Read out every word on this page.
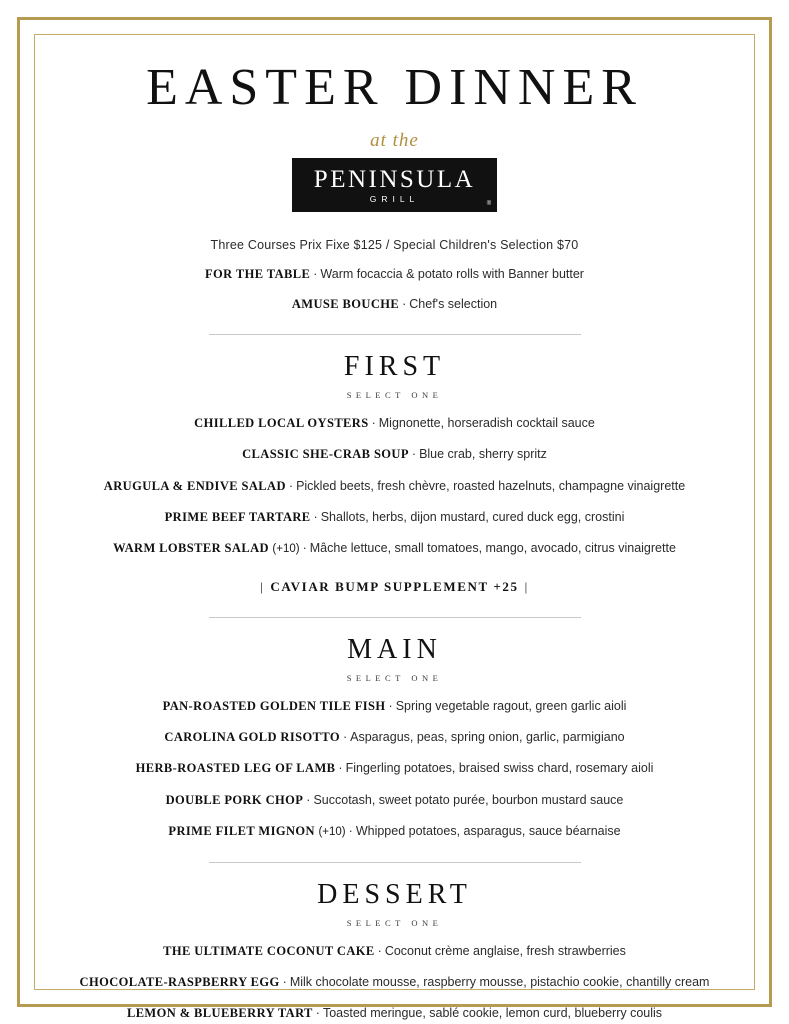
EASTER DINNER
at the
PENINSULA
GRILL	®
Three Courses Prix Fixe $125 / Special Children's Selection $70
FOR THE TABLE · Warm focaccia & potato rolls with Banner butter
AMUSE BOUCHE · Chef's selection
FIRST
SELECT ONE
CHILLED LOCAL OYSTERS · Mignonette, horseradish cocktail sauce
CLASSIC SHE-CRAB SOUP · Blue crab, sherry spritz
ARUGULA & ENDIVE SALAD · Pickled beets, fresh chèvre, roasted hazelnuts, champagne vinaigrette
PRIME BEEF TARTARE · Shallots, herbs, dijon mustard, cured duck egg, crostini
WARM LOBSTER SALAD (+10) · Mâche lettuce, small tomatoes, mango, avocado, citrus vinaigrette
| CAVIAR BUMP SUPPLEMENT +25 |
MAIN
SELECT ONE
PAN-ROASTED GOLDEN TILE FISH · Spring vegetable ragout, green garlic aioli
CAROLINA GOLD RISOTTO · Asparagus, peas, spring onion, garlic, parmigiano
HERB-ROASTED LEG OF LAMB · Fingerling potatoes, braised swiss chard, rosemary aioli
DOUBLE PORK CHOP · Succotash, sweet potato purée, bourbon mustard sauce
PRIME FILET MIGNON (+10) · Whipped potatoes, asparagus, sauce béarnaise
DESSERT
SELECT ONE
THE ULTIMATE COCONUT CAKE · Coconut crème anglaise, fresh strawberries
CHOCOLATE-RASPBERRY EGG · Milk chocolate mousse, raspberry mousse, pistachio cookie, chantilly cream
LEMON & BLUEBERRY TART · Toasted meringue, sablé cookie, lemon curd, blueberry coulis
